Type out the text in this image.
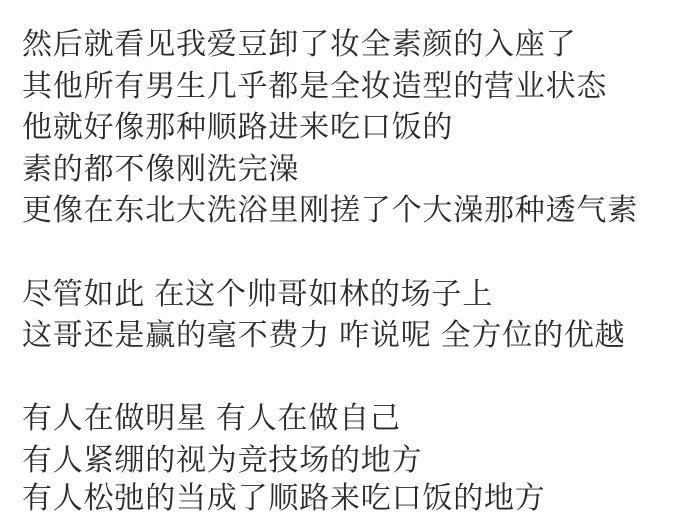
然后就看见我爱豆卸了妆全素颜的入座了

其他所有男生几乎都是全妆造型的营业状态

他就好像那种顺路进来吃口饭的

素的都不像刚洗完澡

更像在东北大洗浴里刚搓了个大澡那种透气素

尽管如此 在这个帅哥如林的场子上

这哥还是赢的毫不费力 咋说呢 全方位的优越

有人在做明星 有人在做自己

有人紧绷的视为竞技场的地方

有人松弛的当成了顺路来吃口饭的地方
